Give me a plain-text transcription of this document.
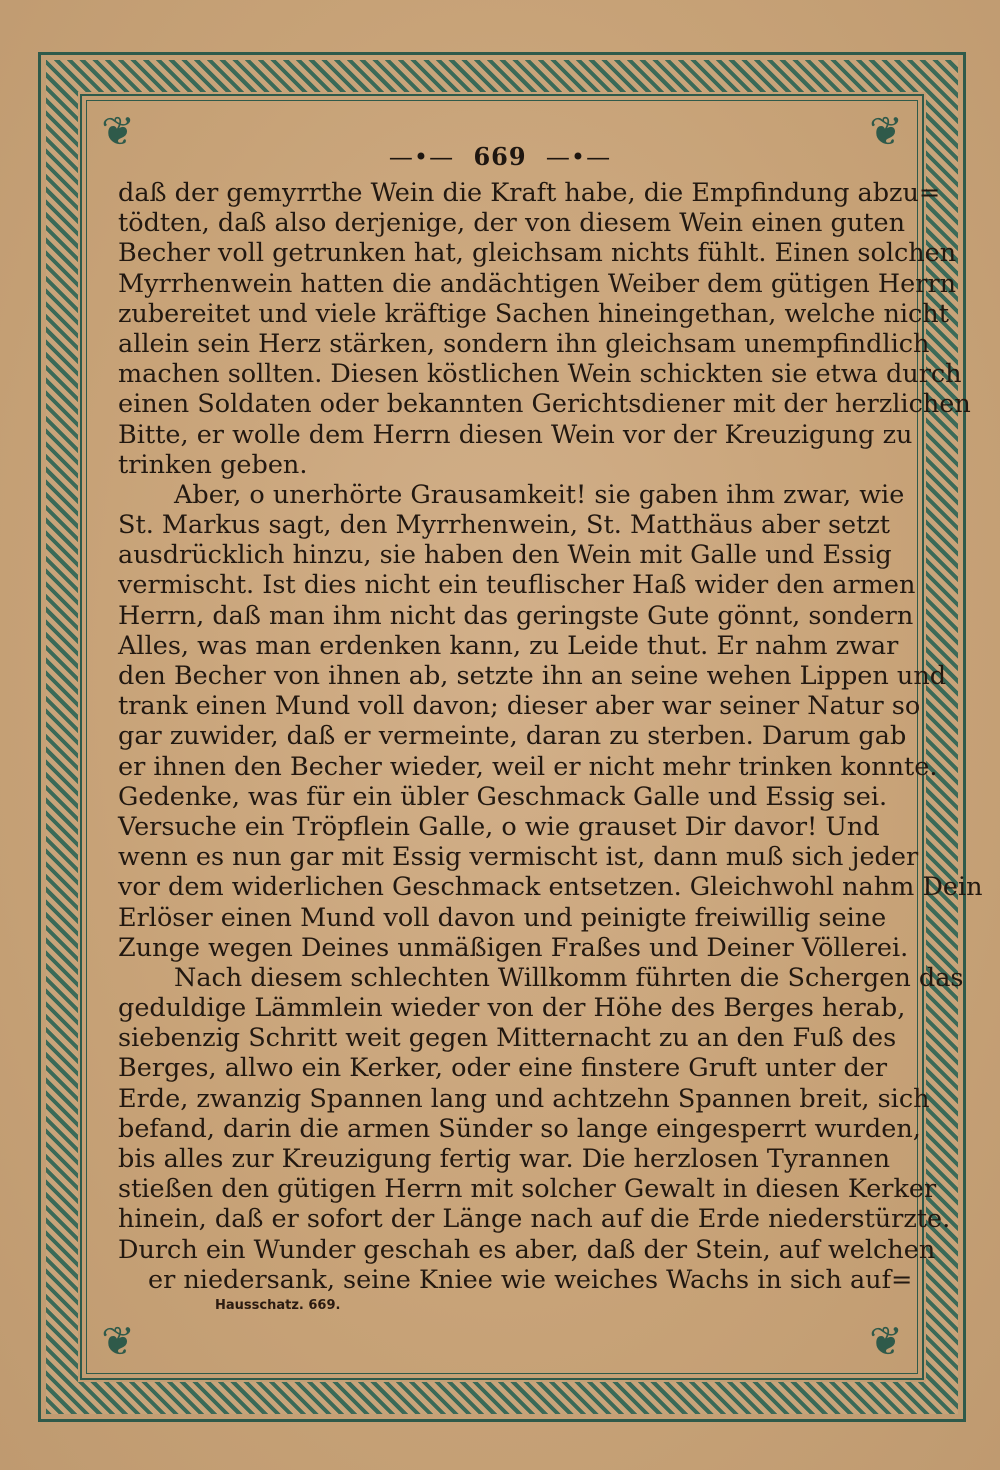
❦	❦
❦	❦
—•— 669 —•—
daß der gemyrrthe Wein die Kraft habe, die Empfindung abzu=
tödten, daß also derjenige, der von diesem Wein einen guten
Becher voll getrunken hat, gleichsam nichts fühlt. Einen solchen
Myrrhenwein hatten die andächtigen Weiber dem gütigen Herrn
zubereitet und viele kräftige Sachen hineingethan, welche nicht
allein sein Herz stärken, sondern ihn gleichsam unempfindlich
machen sollten. Diesen köstlichen Wein schickten sie etwa durch
einen Soldaten oder bekannten Gerichtsdiener mit der herzlichen
Bitte, er wolle dem Herrn diesen Wein vor der Kreuzigung zu
trinken geben.
Aber, o unerhörte Grausamkeit! sie gaben ihm zwar, wie
St. Markus sagt, den Myrrhenwein, St. Matthäus aber setzt
ausdrücklich hinzu, sie haben den Wein mit Galle und Essig
vermischt. Ist dies nicht ein teuflischer Haß wider den armen
Herrn, daß man ihm nicht das geringste Gute gönnt, sondern
Alles, was man erdenken kann, zu Leide thut. Er nahm zwar
den Becher von ihnen ab, setzte ihn an seine wehen Lippen und
trank einen Mund voll davon; dieser aber war seiner Natur so
gar zuwider, daß er vermeinte, daran zu sterben. Darum gab
er ihnen den Becher wieder, weil er nicht mehr trinken konnte.
Gedenke, was für ein übler Geschmack Galle und Essig sei.
Versuche ein Tröpflein Galle, o wie grauset Dir davor! Und
wenn es nun gar mit Essig vermischt ist, dann muß sich jeder
vor dem widerlichen Geschmack entsetzen. Gleichwohl nahm Dein
Erlöser einen Mund voll davon und peinigte freiwillig seine
Zunge wegen Deines unmäßigen Fraßes und Deiner Völlerei.
Nach diesem schlechten Willkomm führten die Schergen das
geduldige Lämmlein wieder von der Höhe des Berges herab,
siebenzig Schritt weit gegen Mitternacht zu an den Fuß des
Berges, allwo ein Kerker, oder eine finstere Gruft unter der
Erde, zwanzig Spannen lang und achtzehn Spannen breit, sich
befand, darin die armen Sünder so lange eingesperrt wurden,
bis alles zur Kreuzigung fertig war. Die herzlosen Tyrannen
stießen den gütigen Herrn mit solcher Gewalt in diesen Kerker
hinein, daß er sofort der Länge nach auf die Erde niederstürzte.
Durch ein Wunder geschah es aber, daß der Stein, auf welchen
er niedersank, seine Kniee wie weiches Wachs in sich auf=
Hausschatz. 669.
